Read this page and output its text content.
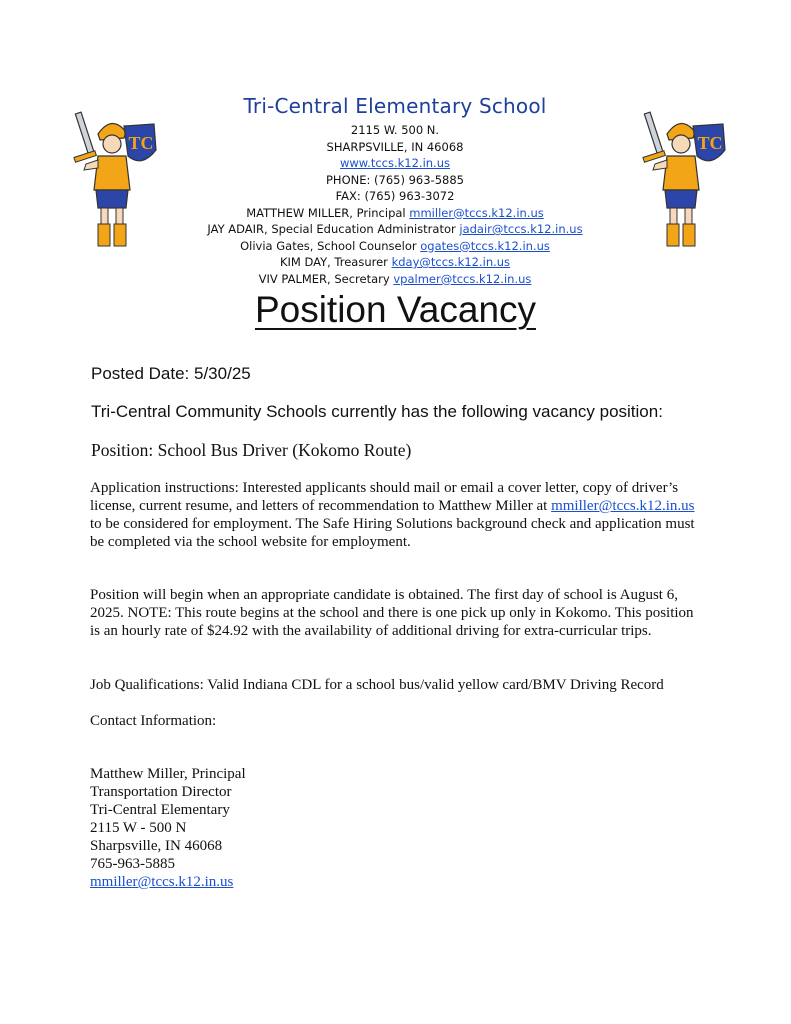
TC	TC
Tri-Central Elementary School
2115 W. 500 N.
SHARPSVILLE, IN 46068
www.tccs.k12.in.us
PHONE: (765) 963-5885
FAX: (765) 963-3072
MATTHEW MILLER, Principal mmiller@tccs.k12.in.us
JAY ADAIR, Special Education Administrator jadair@tccs.k12.in.us
Olivia Gates, School Counselor ogates@tccs.k12.in.us
KIM DAY, Treasurer kday@tccs.k12.in.us
VIV PALMER, Secretary vpalmer@tccs.k12.in.us
Position Vacancy
Posted Date: 5/30/25
Tri-Central Community Schools currently has the following vacancy position:
Position: School Bus Driver (Kokomo Route)
Application instructions: Interested applicants should mail or email a cover letter, copy of driver’s license, current resume, and letters of recommendation to Matthew Miller at mmiller@tccs.k12.in.us to be considered for employment. The Safe Hiring Solutions background check and application must be completed via the school website for employment.
Position will begin when an appropriate candidate is obtained. The first day of school is August 6, 2025. NOTE: This route begins at the school and there is one pick up only in Kokomo. This position is an hourly rate of $24.92 with the availability of additional driving for extra-curricular trips.
Job Qualifications: Valid Indiana CDL for a school bus/valid yellow card/BMV Driving Record
Contact Information:

Matthew Miller, Principal
Transportation Director
Tri-Central Elementary
2115 W - 500 N
Sharpsville, IN 46068
765-963-5885
mmiller@tccs.k12.in.us
